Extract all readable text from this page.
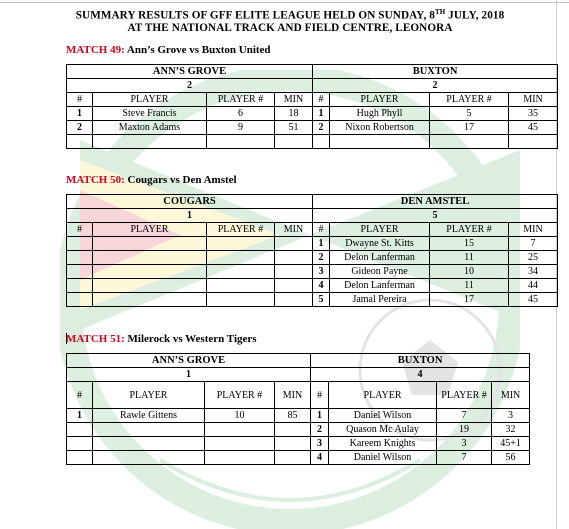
SUMMARY RESULTS OF GFF ELITE LEAGUE HELD ON SUNDAY, 8TH JULY, 2018
AT THE NATIONAL TRACK AND FIELD CENTRE, LEONORA
MATCH 49: Ann’s Grove vs Buxton United
ANN’S GROVE				BUXTON			
2				2			
#	PLAYER	PLAYER #	MIN	#	PLAYER	PLAYER #	MIN
1	Steve Francis	6	18	1	Hugh Phyll	5	35
2	Maxton Adams	9	51	2	Nixon Robertson	17	45

MATCH 50: Cougars vs Den Amstel
COUGARS				DEN AMSTEL			
1				5			
#	PLAYER	PLAYER #	MIN	#	PLAYER	PLAYER #	MIN
				1	Dwayne St. Kitts	15	7
				2	Delon Lanferman	11	25
				3	Gideon Payne	10	34
				4	Delon Lanferman	11	44
				5	Jamal Pereira	17	45
MATCH 51: Milerock vs Western Tigers
ANN’S GROVE				BUXTON			
1				4			
#	PLAYER	PLAYER #	MIN	#	PLAYER	PLAYER #	MIN
1	Rawle Gittens	10	85	1	Daniel Wilson	7	3
				2	Quason Mc Aulay	19	32
				3	Kareem Knights	3	45+1
				4	Daniel Wilson	7	56
